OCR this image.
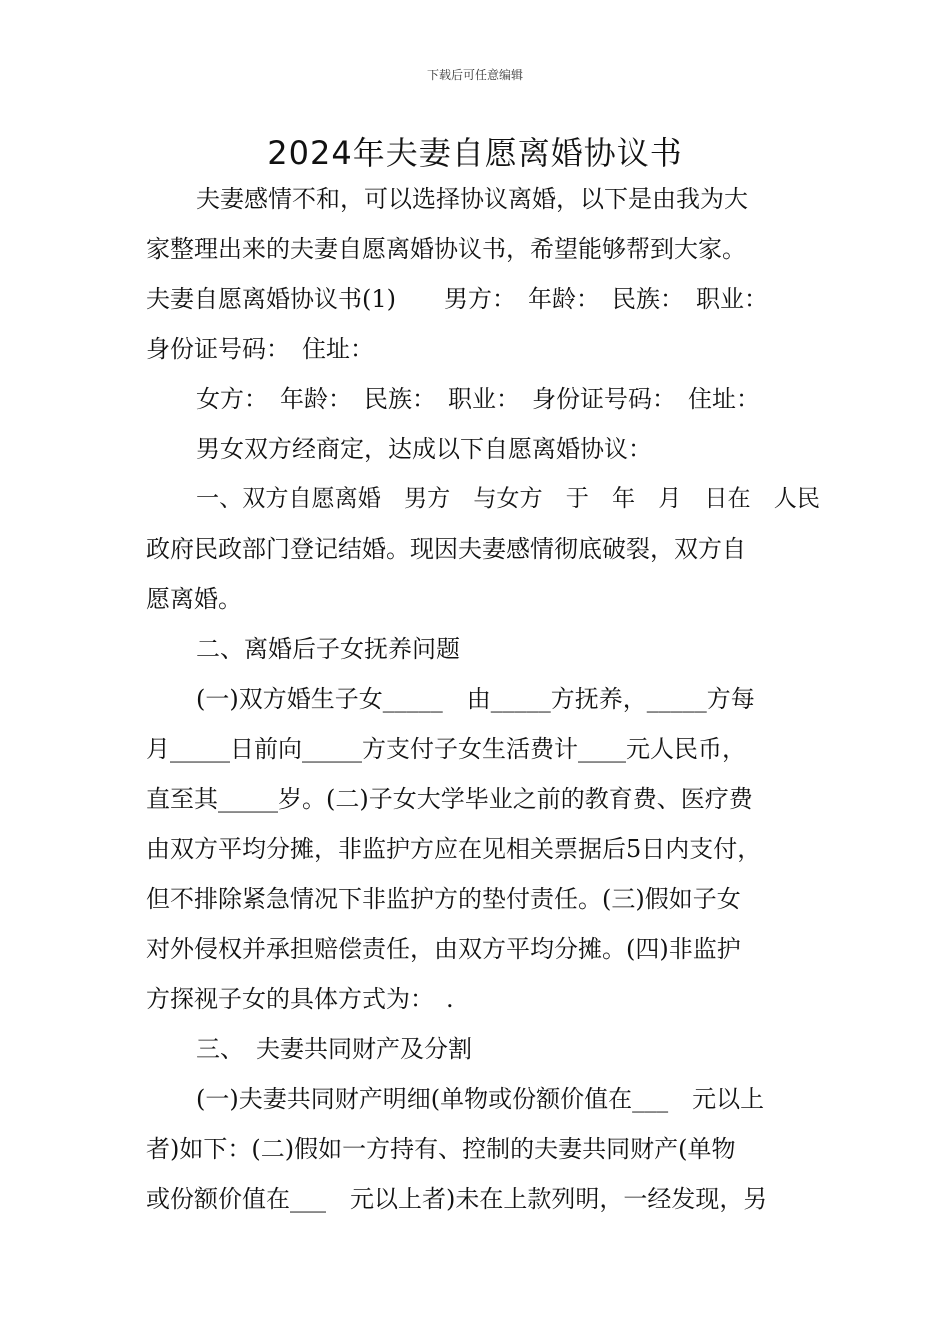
下载后可任意编辑
2024年夫妻自愿离婚协议书
夫妻感情不和，可以选择协议离婚，以下是由我为大
家整理出来的夫妻自愿离婚协议书，希望能够帮到大家。
夫妻自愿离婚协议书(1)　　男方：　年龄：　民族：　职业：
身份证号码：　住址：
女方：　年龄：　民族：　职业：　身份证号码：　住址：
男女双方经商定，达成以下自愿离婚协议：
一、双方自愿离婚　男方　与女方　于　年　月　日在　人民
政府民政部门登记结婚。现因夫妻感情彻底破裂，双方自
愿离婚。
二、离婚后子女抚养问题
(一)双方婚生子女_____　由_____方抚养，_____方每
月_____日前向_____方支付子女生活费计____元人民币，
直至其_____岁。(二)子女大学毕业之前的教育费、医疗费
由双方平均分摊，非监护方应在见相关票据后5日内支付，
但不排除紧急情况下非监护方的垫付责任。(三)假如子女
对外侵权并承担赔偿责任，由双方平均分摊。(四)非监护
方探视子女的具体方式为：　.
三、　夫妻共同财产及分割
(一)夫妻共同财产明细(单物或份额价值在___　元以上
者)如下：(二)假如一方持有、控制的夫妻共同财产(单物
或份额价值在___　元以上者)未在上款列明，一经发现，另
